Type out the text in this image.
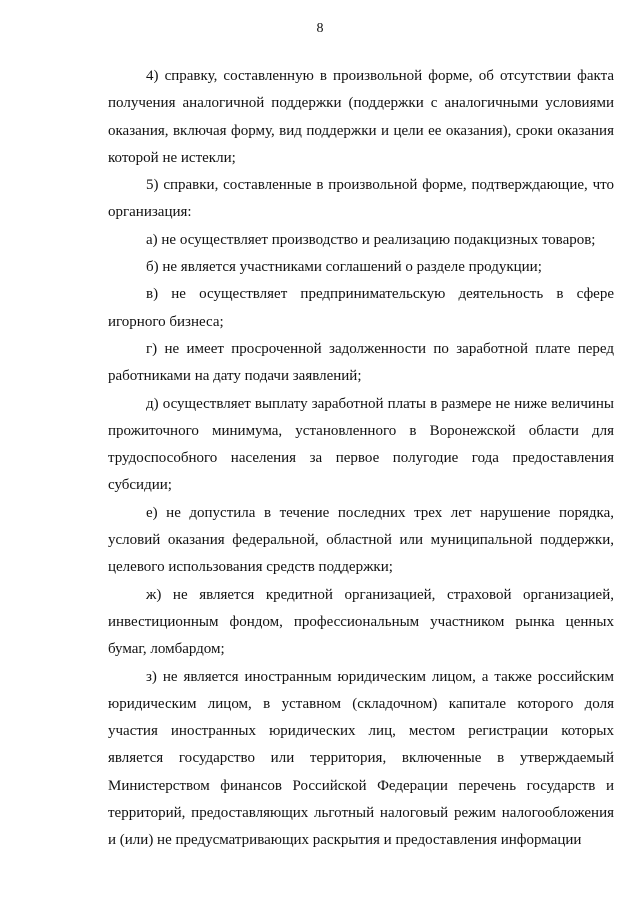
8

4) справку, составленную в произвольной форме, об отсутствии факта получения аналогичной поддержки (поддержки с аналогичными условиями оказания, включая форму, вид поддержки и цели ее оказания), сроки оказания которой не истекли;

5) справки, составленные в произвольной форме, подтверждающие, что организация:

а) не осуществляет производство и реализацию подакцизных товаров;

б) не является участниками соглашений о разделе продукции;

в) не осуществляет предпринимательскую деятельность в сфере игорного бизнеса;

г) не имеет просроченной задолженности по заработной плате перед работниками на дату подачи заявлений;

д) осуществляет выплату заработной платы в размере не ниже величины прожиточного минимума, установленного в Воронежской области для трудоспособного населения за первое полугодие года предоставления субсидии;

е) не допустила в течение последних трех лет нарушение порядка, условий оказания федеральной, областной или муниципальной поддержки, целевого использования средств поддержки;

ж) не является кредитной организацией, страховой организацией, инвестиционным фондом, профессиональным участником рынка ценных бумаг, ломбардом;

з) не является иностранным юридическим лицом, а также российским юридическим лицом, в уставном (складочном) капитале которого доля участия иностранных юридических лиц, местом регистрации которых является государство или территория, включенные в утверждаемый Министерством финансов Российской Федерации перечень государств и территорий, предоставляющих льготный налоговый режим налогообложения и (или) не предусматривающих раскрытия и предоставления информации
